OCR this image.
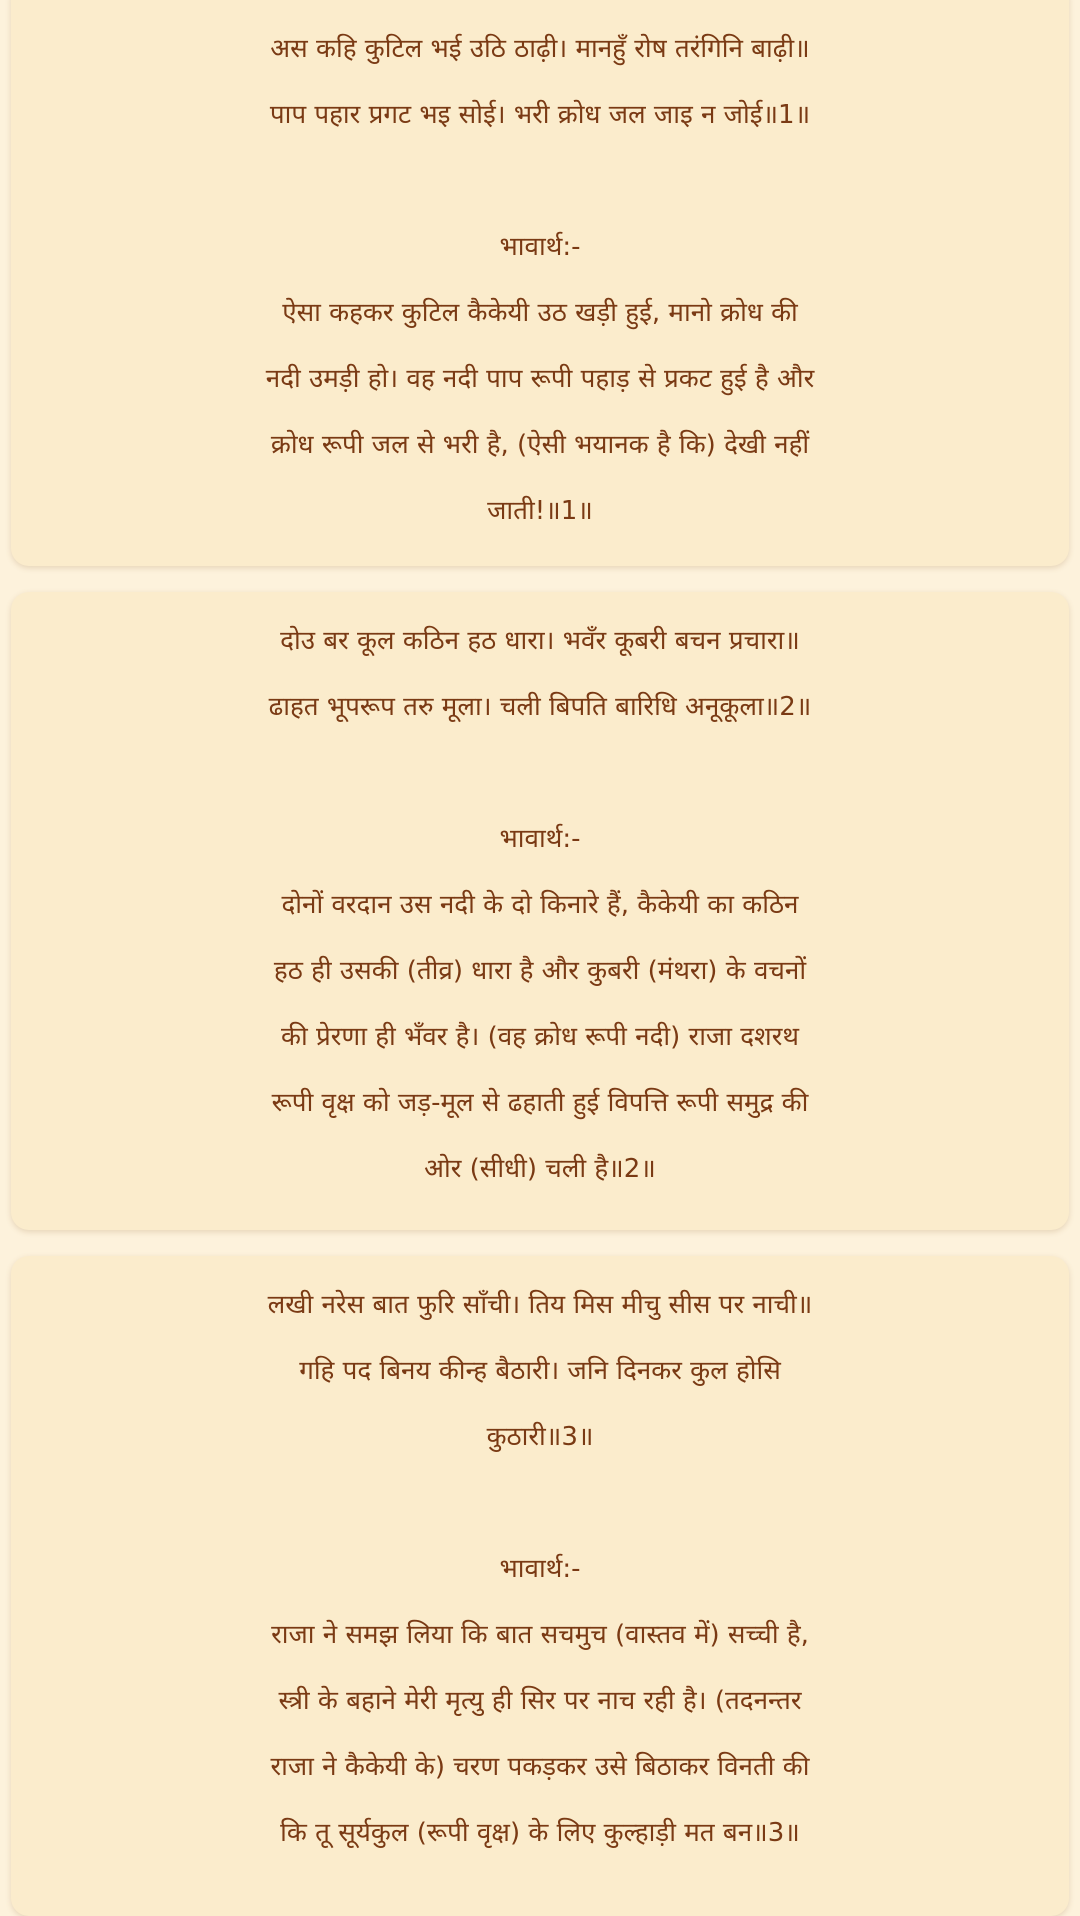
अस कहि कुटिल भई उठि ठाढ़ी। मानहुँ रोष तरंगिनि बाढ़ी॥
पाप पहार प्रगट भइ सोई। भरी क्रोध जल जाइ न जोई॥1॥
भावार्थ:-
ऐसा कहकर कुटिल कैकेयी उठ खड़ी हुई, मानो क्रोध की
नदी उमड़ी हो। वह नदी पाप रूपी पहाड़ से प्रकट हुई है और
क्रोध रूपी जल से भरी है, (ऐसी भयानक है कि) देखी नहीं
जाती!॥1॥
दोउ बर कूल कठिन हठ धारा। भवँर कूबरी बचन प्रचारा॥
ढाहत भूपरूप तरु मूला। चली बिपति बारिधि अनूकूला॥2॥
भावार्थ:-
दोनों वरदान उस नदी के दो किनारे हैं, कैकेयी का कठिन
हठ ही उसकी (तीव्र) धारा है और कुबरी (मंथरा) के वचनों
की प्रेरणा ही भँवर है। (वह क्रोध रूपी नदी) राजा दशरथ
रूपी वृक्ष को जड़-मूल से ढहाती हुई विपत्ति रूपी समुद्र की
ओर (सीधी) चली है॥2॥
लखी नरेस बात फुरि साँची। तिय मिस मीचु सीस पर नाची॥
गहि पद बिनय कीन्ह बैठारी। जनि दिनकर कुल होसि
कुठारी॥3॥
भावार्थ:-
राजा ने समझ लिया कि बात सचमुच (वास्तव में) सच्ची है,
स्त्री के बहाने मेरी मृत्यु ही सिर पर नाच रही है। (तदनन्तर
राजा ने कैकेयी के) चरण पकड़कर उसे बिठाकर विनती की
कि तू सूर्यकुल (रूपी वृक्ष) के लिए कुल्हाड़ी मत बन॥3॥
